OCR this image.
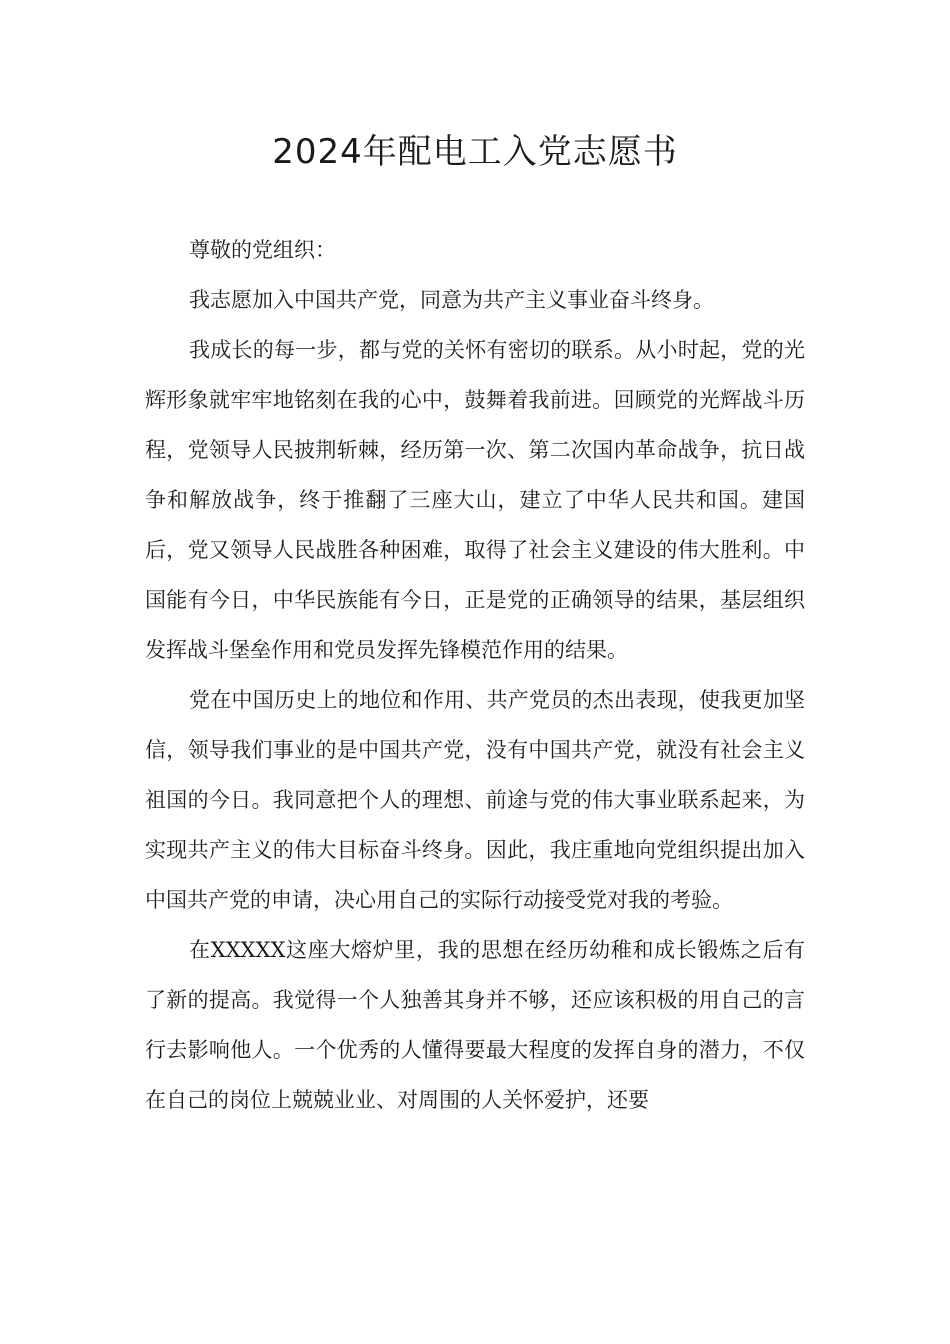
2024年配电工入党志愿书

尊敬的党组织：

我志愿加入中国共产党，同意为共产主义事业奋斗终身。

我成长的每一步，都与党的关怀有密切的联系。从小时起，党的光辉形象就牢牢地铭刻在我的心中，鼓舞着我前进。回顾党的光辉战斗历程，党领导人民披荆斩棘，经历第一次、第二次国内革命战争，抗日战争和解放战争，终于推翻了三座大山，建立了中华人民共和国。建国后，党又领导人民战胜各种困难，取得了社会主义建设的伟大胜利。中国能有今日，中华民族能有今日，正是党的正确领导的结果，基层组织发挥战斗堡垒作用和党员发挥先锋模范作用的结果。

党在中国历史上的地位和作用、共产党员的杰出表现，使我更加坚信，领导我们事业的是中国共产党，没有中国共产党，就没有社会主义祖国的今日。我同意把个人的理想、前途与党的伟大事业联系起来，为实现共产主义的伟大目标奋斗终身。因此，我庄重地向党组织提出加入中国共产党的申请，决心用自己的实际行动接受党对我的考验。

在XXXXX这座大熔炉里，我的思想在经历幼稚和成长锻炼之后有了新的提高。我觉得一个人独善其身并不够，还应该积极的用自己的言行去影响他人。一个优秀的人懂得要最大程度的发挥自身的潜力，不仅在自己的岗位上兢兢业业、对周围的人关怀爱护，还要
